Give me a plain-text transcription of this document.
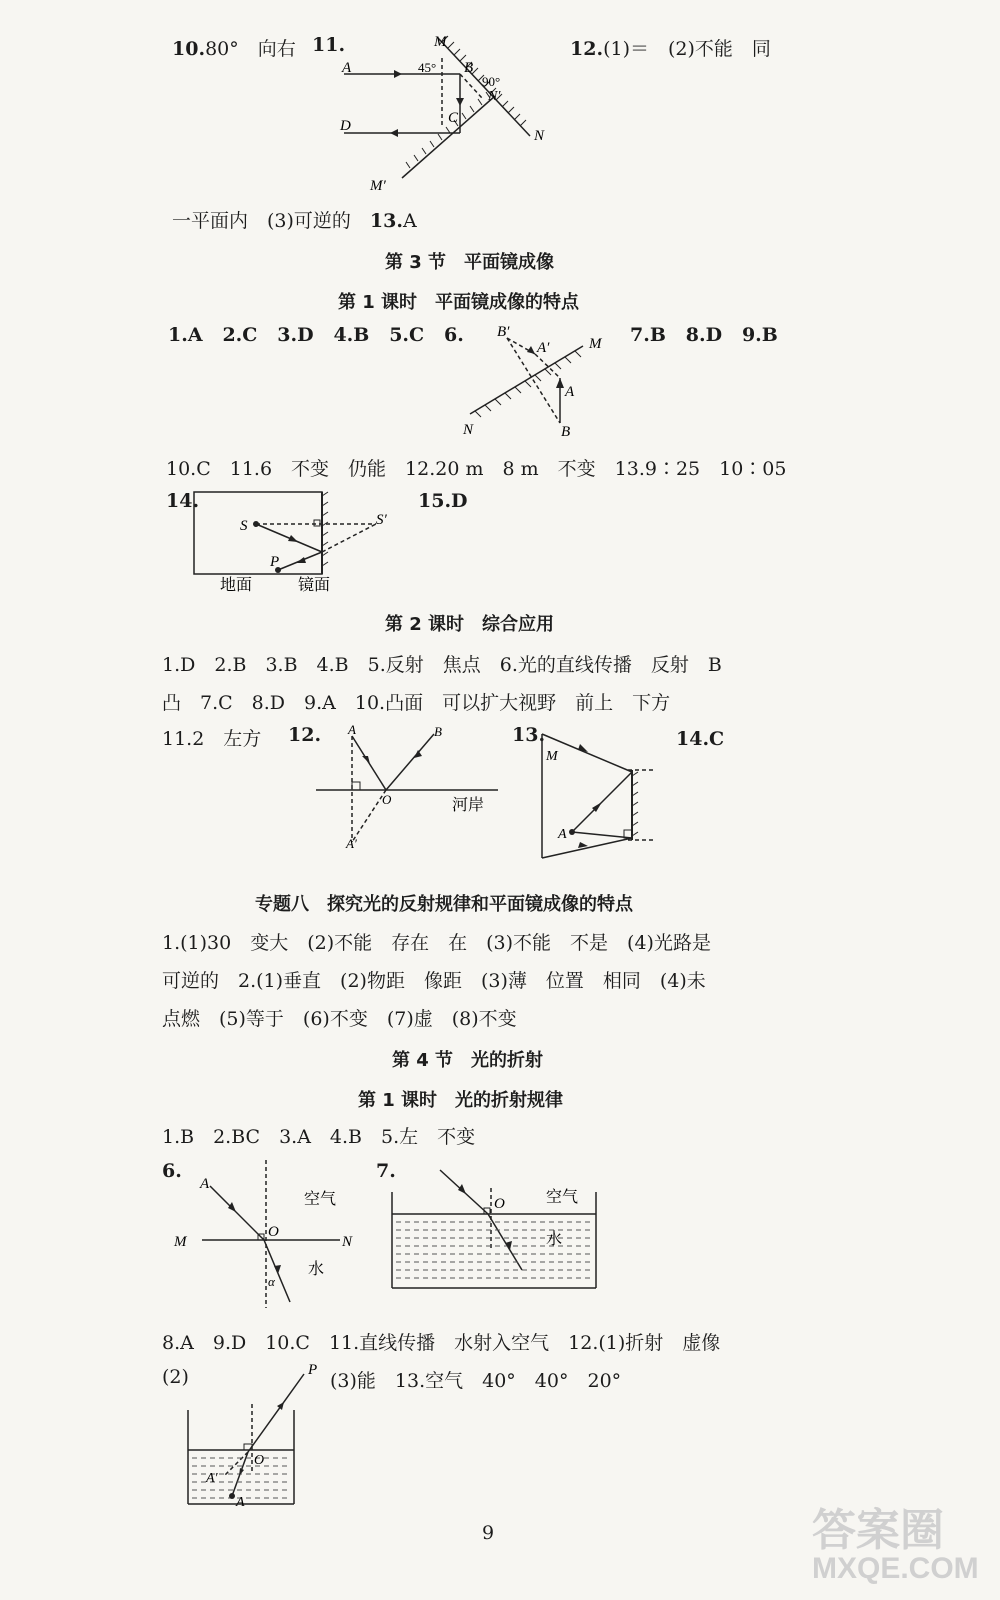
10.80°　向右 11.	12.(1)＝　(2)不能　同
M
A	45° B
90°
N′
C
D
N
M′
一平面内　(3)可逆的　13.A
第 3 节　平面镜成像
第 1 课时　平面镜成像的特点
1.A 2.C 3.D 4.B 5.C 6.	7.B 8.D 9.B
B′
A′	M
A
N	B
10.C　11.6　不变　仍能　12.20 m　8 m　不变　13.9∶25　10∶05
14.
S	S′
P
地面	镜面
15.D
第 2 课时　综合应用
1.D　2.B　3.B　4.B　5.反射　焦点　6.光的直线传播　反射　B
凸　7.C　8.D　9.A　10.凸面　可以扩大视野　前上　下方
11.2　左方 12. A	B
O
A′
河岸
13.
M
A
14.C
专题八　探究光的反射规律和平面镜成像的特点
1.(1)30　变大　(2)不能　存在　在　(3)不能　不是　(4)光路是
可逆的　2.(1)垂直　(2)物距　像距　(3)薄　位置　相同　(4)未
点燃　(5)等于　(6)不变　(7)虚　(8)不变
第 4 节　光的折射
第 1 课时　光的折射规律
1.B　2.BC　3.A　4.B　5.左　不变
6.
A
空气
M
O
N
水
α
7.
O	空气
水
8.A　9.D　10.C　11.直线传播　水射入空气　12.(1)折射　虚像
(2)	(3)能　13.空气　40°　40°　20°
P
O
A′
A
9	答案圈
MXQE.COM
